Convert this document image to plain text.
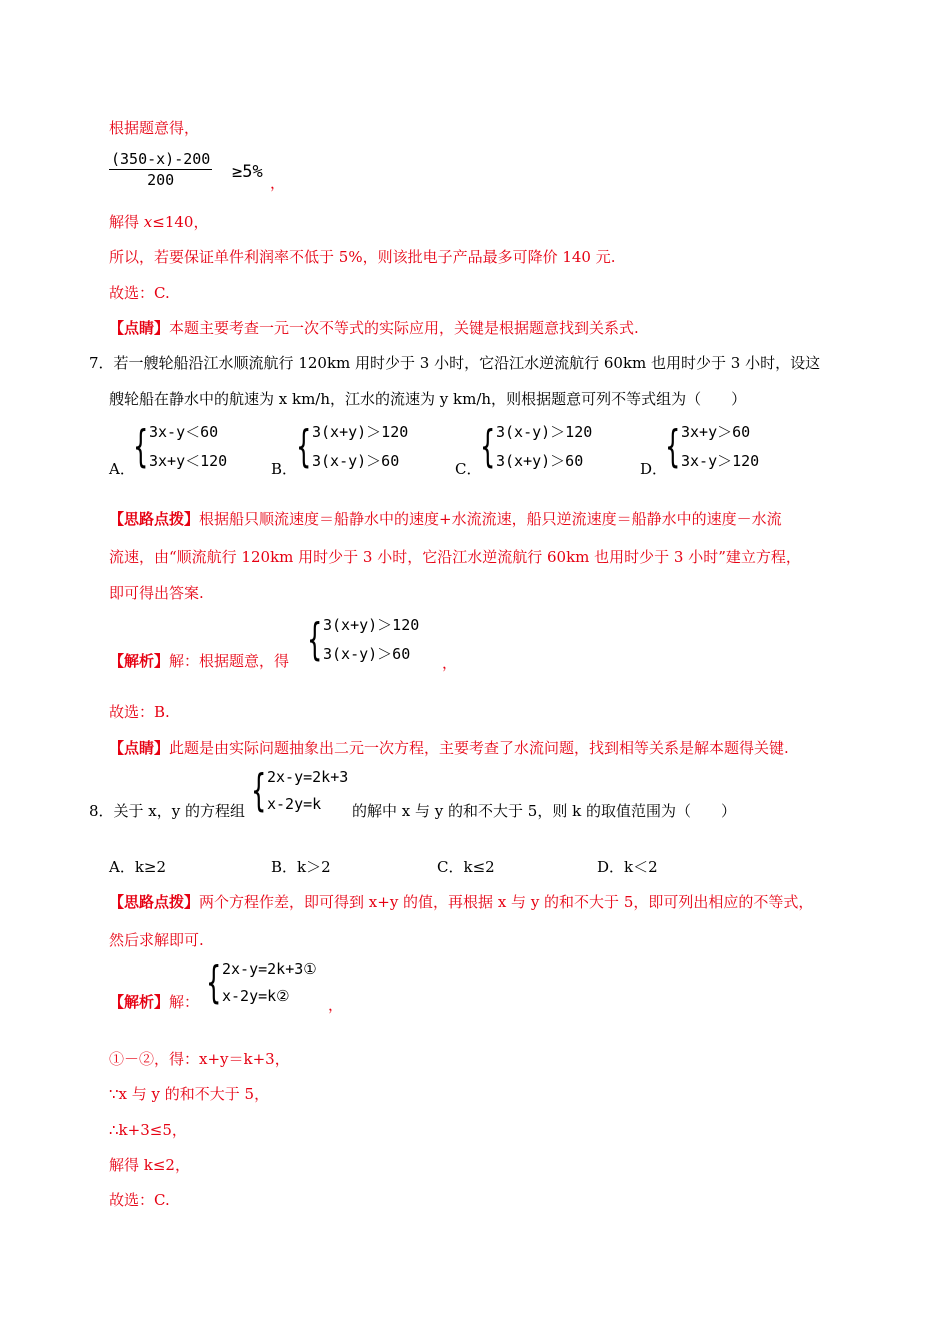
根据题意得，
(350-x)-200
200	≥5%
，
解得 x≤140，
所以，若要保证单件利润率不低于 5%，则该批电子产品最多可降价 140 元.
故选：C.
【点睛】本题主要考查一元一次不等式的实际应用，关键是根据题意找到关系式.
7．若一艘轮船沿江水顺流航行 120km 用时少于 3 小时，它沿江水逆流航行 60km 也用时少于 3 小时，设这
艘轮船在静水中的航速为 x km/h，江水的流速为 y km/h，则根据题意可列不等式组为（　　）
A．
{ 3x-y＜60
3x+y＜120	B．
{ 3(x+y)＞120
3(x-y)＞60	C．
{ 3(x-y)＞120
3(x+y)＞60	D．
{ 3x+y＞60
3x-y＞120
【思路点拨】根据船只顺流速度＝船静水中的速度+水流流速，船只逆流速度＝船静水中的速度－水流
流速，由“顺流航行 120km 用时少于 3 小时，它沿江水逆流航行 60km 也用时少于 3 小时”建立方程，
即可得出答案.
【解析】解：根据题意，得 { 3(x+y)＞120
3(x-y)＞60	，
故选：B.
【点睛】此题是由实际问题抽象出二元一次方程，主要考查了水流问题，找到相等关系是解本题得关键.
8．关于 x，y 的方程组 { 2x-y=2k+3
x-2y=k	的解中 x 与 y 的和不大于 5，则 k 的取值范围为（　　）
A．k≥2	B．k＞2	C．k≤2	D．k＜2
【思路点拨】两个方程作差，即可得到 x+y 的值，再根据 x 与 y 的和不大于 5，即可列出相应的不等式，
然后求解即可.
【解析】解： { 2x-y=2k+3①
x-2y=k②	，
①－②，得：x+y＝k+3，
∵x 与 y 的和不大于 5，
∴k+3≤5，
解得 k≤2，
故选：C.
